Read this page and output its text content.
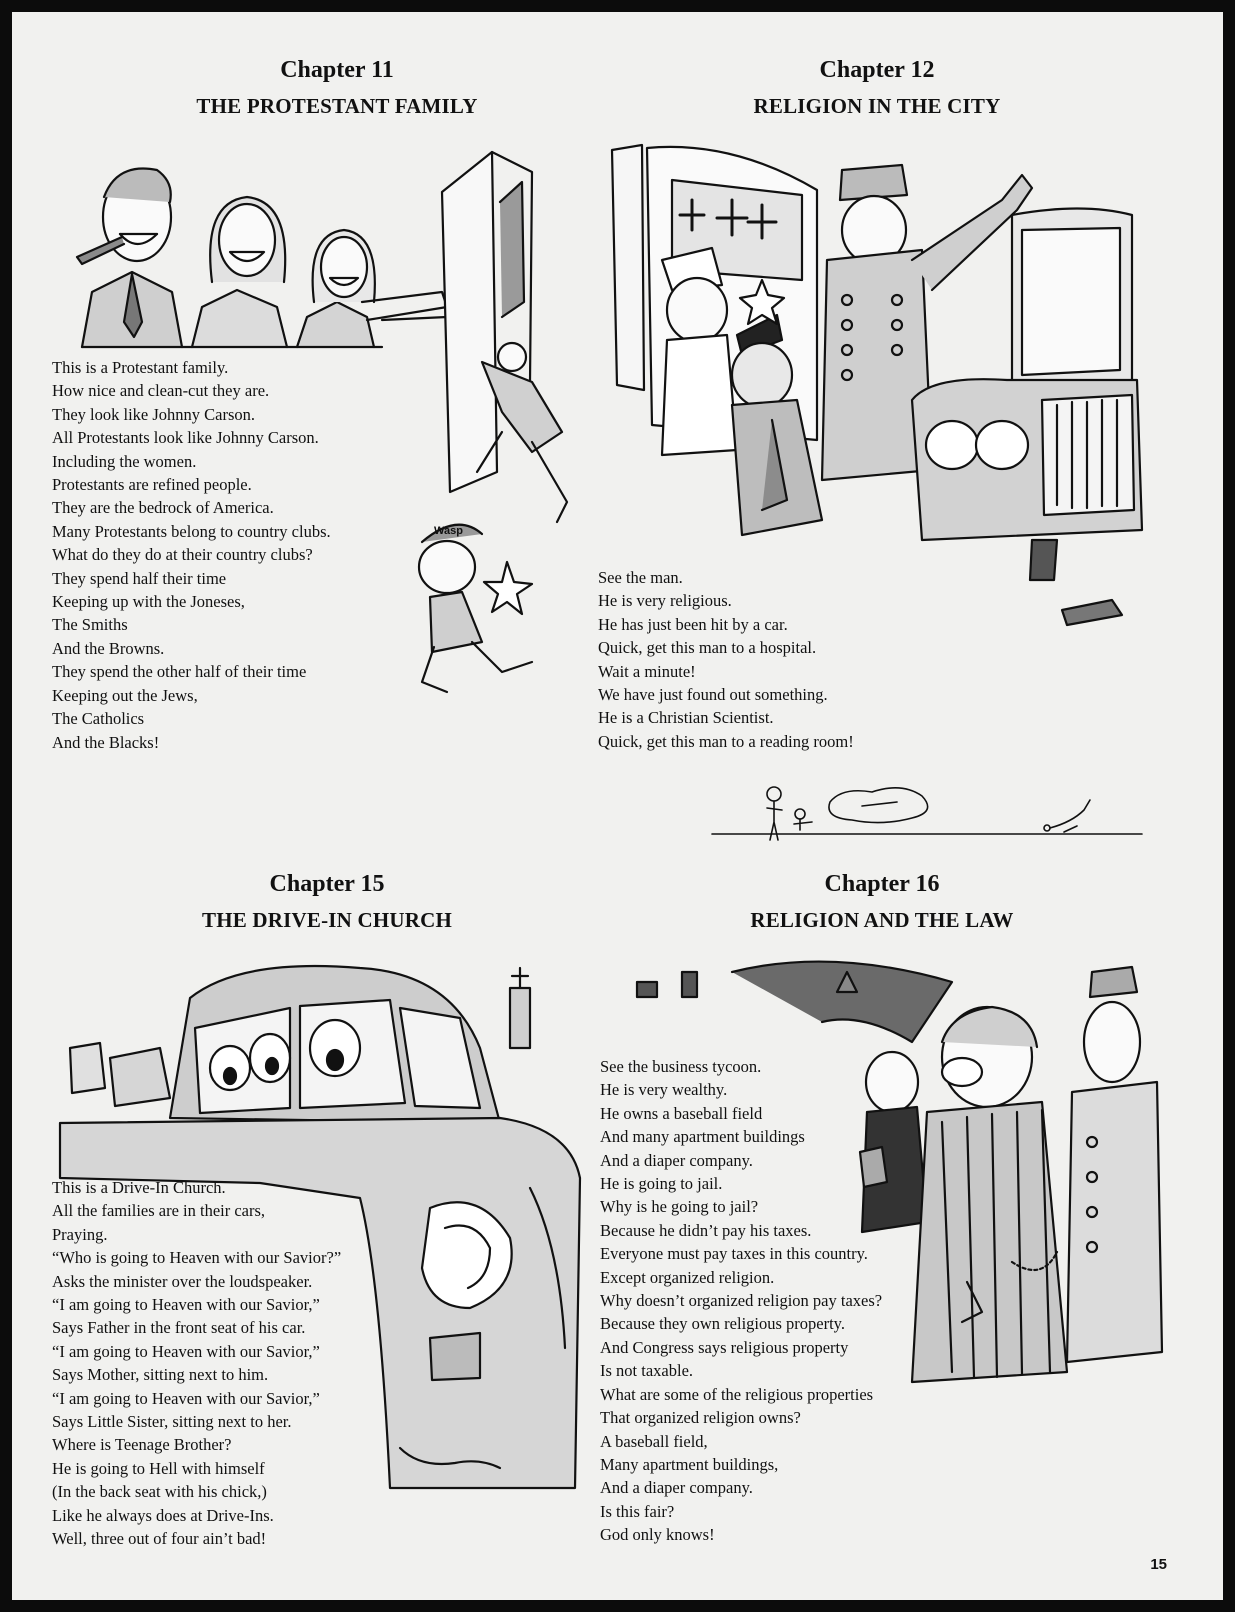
Chapter 11
THE PROTESTANT FAMILY
Wasp
This is a Protestant family.
How nice and clean-cut they are.
They look like Johnny Carson.
All Protestants look like Johnny Carson.
Including the women.
Protestants are refined people.
They are the bedrock of America.
Many Protestants belong to country clubs.
What do they do at their country clubs?
They spend half their time
Keeping up with the Joneses,
The Smiths
And the Browns.
They spend the other half of their time
Keeping out the Jews,
The Catholics
And the Blacks!
Chapter 12
RELIGION IN THE CITY
See the man.
He is very religious.
He has just been hit by a car.
Quick, get this man to a hospital.
Wait a minute!
We have just found out something.
He is a Christian Scientist.
Quick, get this man to a reading room!
Chapter 15
THE DRIVE-IN CHURCH
This is a Drive-In Church.
All the families are in their cars,
Praying.
“Who is going to Heaven with our Savior?”
Asks the minister over the loudspeaker.
“I am going to Heaven with our Savior,”
Says Father in the front seat of his car.
“I am going to Heaven with our Savior,”
Says Mother, sitting next to him.
“I am going to Heaven with our Savior,”
Says Little Sister, sitting next to her.
Where is Teenage Brother?
He is going to Hell with himself
(In the back seat with his chick,)
Like he always does at Drive-Ins.
Well, three out of four ain’t bad!
Chapter 16
RELIGION AND THE LAW
See the business tycoon.
He is very wealthy.
He owns a baseball field
And many apartment buildings
And a diaper company.
He is going to jail.
Why is he going to jail?
Because he didn’t pay his taxes.
Everyone must pay taxes in this country.
Except organized religion.
Why doesn’t organized religion pay taxes?
Because they own religious property.
And Congress says religious property
Is not taxable.
What are some of the religious properties
That organized religion owns?
A baseball field,
Many apartment buildings,
And a diaper company.
Is this fair?
God only knows!
15
